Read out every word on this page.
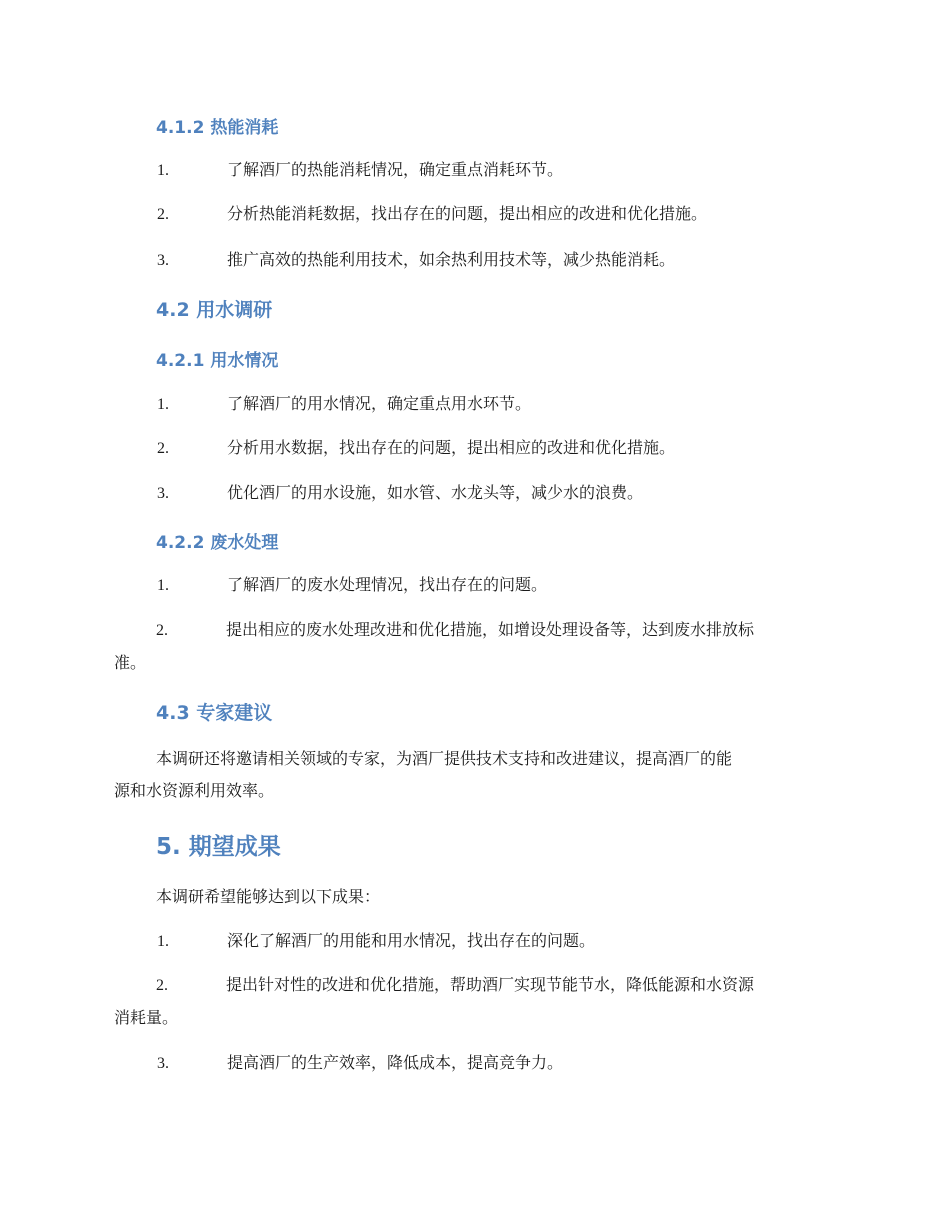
4.1.2 热能消耗

1.	了解酒厂的热能消耗情况，确定重点消耗环节。

2.	分析热能消耗数据，找出存在的问题，提出相应的改进和优化措施。

3.	推广高效的热能利用技术，如余热利用技术等，减少热能消耗。

4.2 用水调研
4.2.1 用水情况

1.	了解酒厂的用水情况，确定重点用水环节。

2.	分析用水数据，找出存在的问题，提出相应的改进和优化措施。

3.	优化酒厂的用水设施，如水管、水龙头等，减少水的浪费。

4.2.2 废水处理

1.	了解酒厂的废水处理情况，找出存在的问题。

2.	提出相应的废水处理改进和优化措施，如增设处理设备等，达到废水排放标
准。
4.3 专家建议
本调研还将邀请相关领域的专家，为酒厂提供技术支持和改进建议，提高酒厂的能
源和水资源利用效率。
5. 期望成果

本调研希望能够达到以下成果：

1.	深化了解酒厂的用能和用水情况，找出存在的问题。

2.	提出针对性的改进和优化措施，帮助酒厂实现节能节水，降低能源和水资源
消耗量。

3.	提高酒厂的生产效率，降低成本，提高竞争力。
